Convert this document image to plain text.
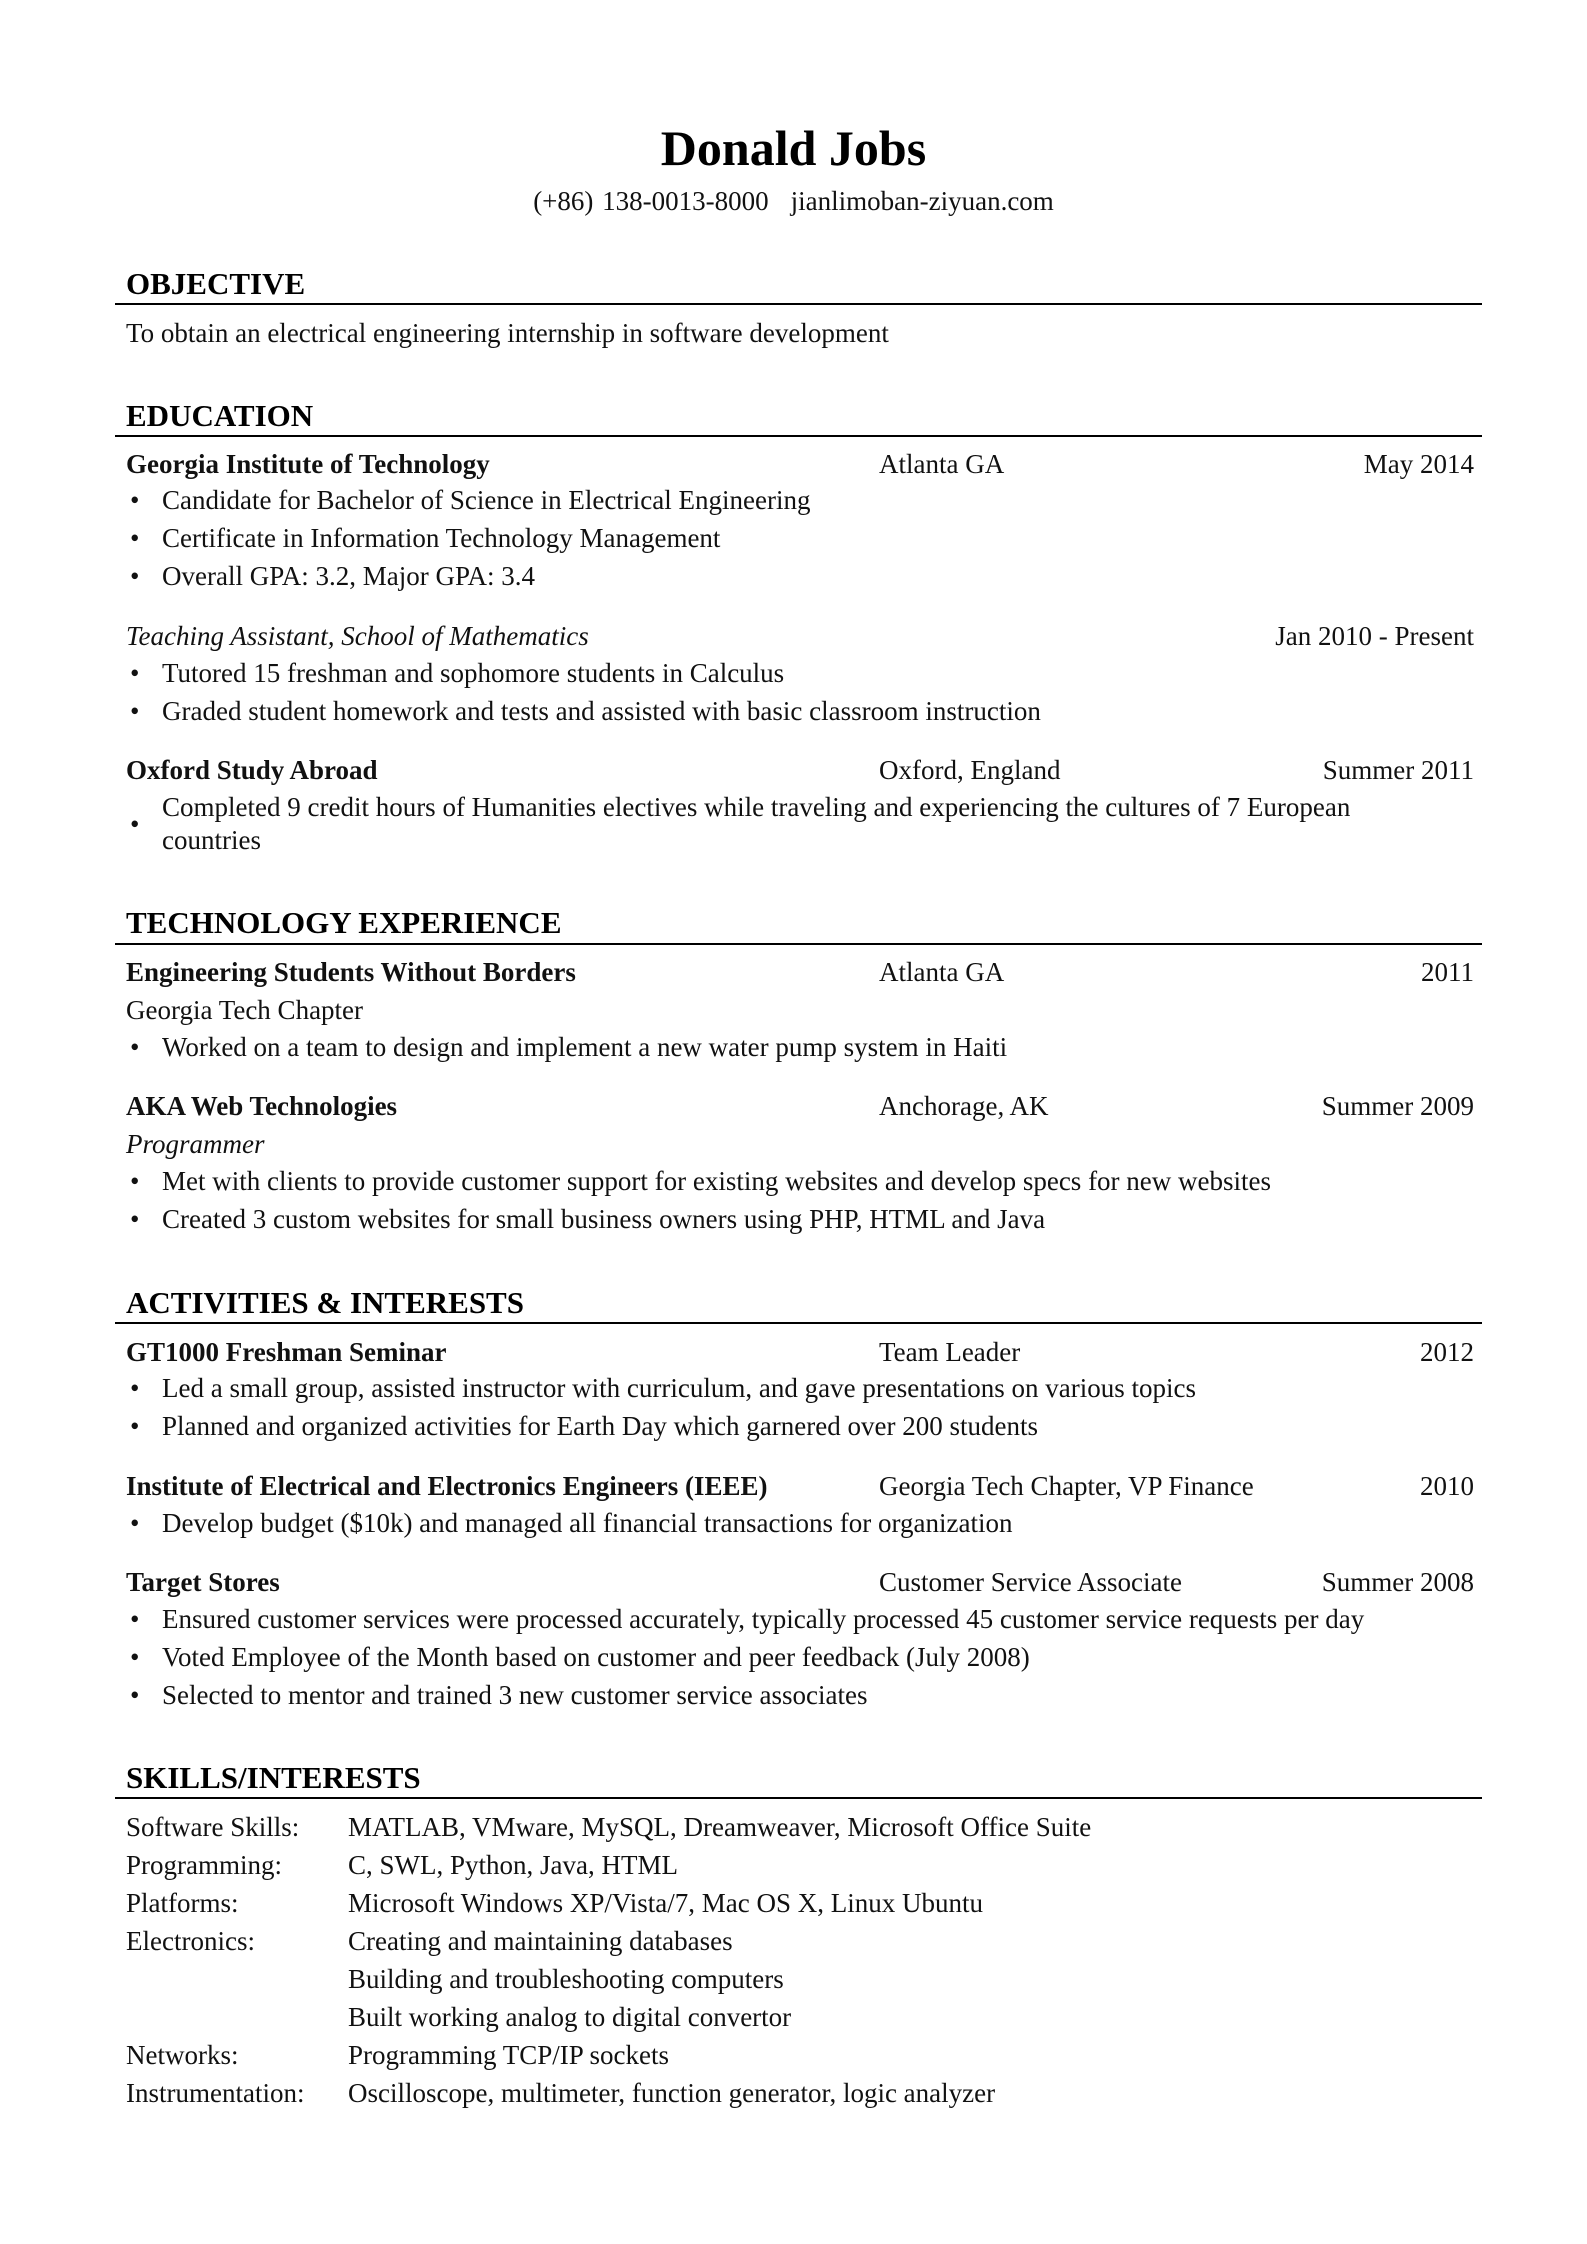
Donald Jobs
(+86) 138-0013-8000 jianlimoban-ziyuan.com
OBJECTIVE
To obtain an electrical engineering internship in software development
EDUCATION
Georgia Institute of Technology	Atlanta GA	May 2014
• Candidate for Bachelor of Science in Electrical Engineering
• Certificate in Information Technology Management
• Overall GPA: 3.2, Major GPA: 3.4
Teaching Assistant, School of Mathematics	Jan 2010 - Present
• Tutored 15 freshman and sophomore students in Calculus
• Graded student homework and tests and assisted with basic classroom instruction
Oxford Study Abroad	Oxford, England	Summer 2011
•
Completed 9 credit hours of Humanities electives while traveling and experiencing the cultures of 7 European countries
TECHNOLOGY EXPERIENCE
Engineering Students Without Borders	Atlanta GA	2011
Georgia Tech Chapter
• Worked on a team to design and implement a new water pump system in Haiti
AKA Web Technologies	Anchorage, AK	Summer 2009
Programmer
• Met with clients to provide customer support for existing websites and develop specs for new websites
• Created 3 custom websites for small business owners using PHP, HTML and Java
ACTIVITIES & INTERESTS
GT1000 Freshman Seminar	Team Leader	2012
• Led a small group, assisted instructor with curriculum, and gave presentations on various topics
• Planned and organized activities for Earth Day which garnered over 200 students
Institute of Electrical and Electronics Engineers (IEEE)	Georgia Tech Chapter, VP Finance	2010
• Develop budget ($10k) and managed all financial transactions for organization
Target Stores	Customer Service Associate	Summer 2008
• Ensured customer services were processed accurately, typically processed 45 customer service requests per day
• Voted Employee of the Month based on customer and peer feedback (July 2008)
• Selected to mentor and trained 3 new customer service associates
SKILLS/INTERESTS
Software Skills: MATLAB, VMware, MySQL, Dreamweaver, Microsoft Office Suite
Programming: C, SWL, Python, Java, HTML
Platforms:	Microsoft Windows XP/Vista/7, Mac OS X, Linux Ubuntu
Electronics:	Creating and maintaining databases
Building and troubleshooting computers
Built working analog to digital convertor
Networks:	Programming TCP/IP sockets
Instrumentation: Oscilloscope, multimeter, function generator, logic analyzer
